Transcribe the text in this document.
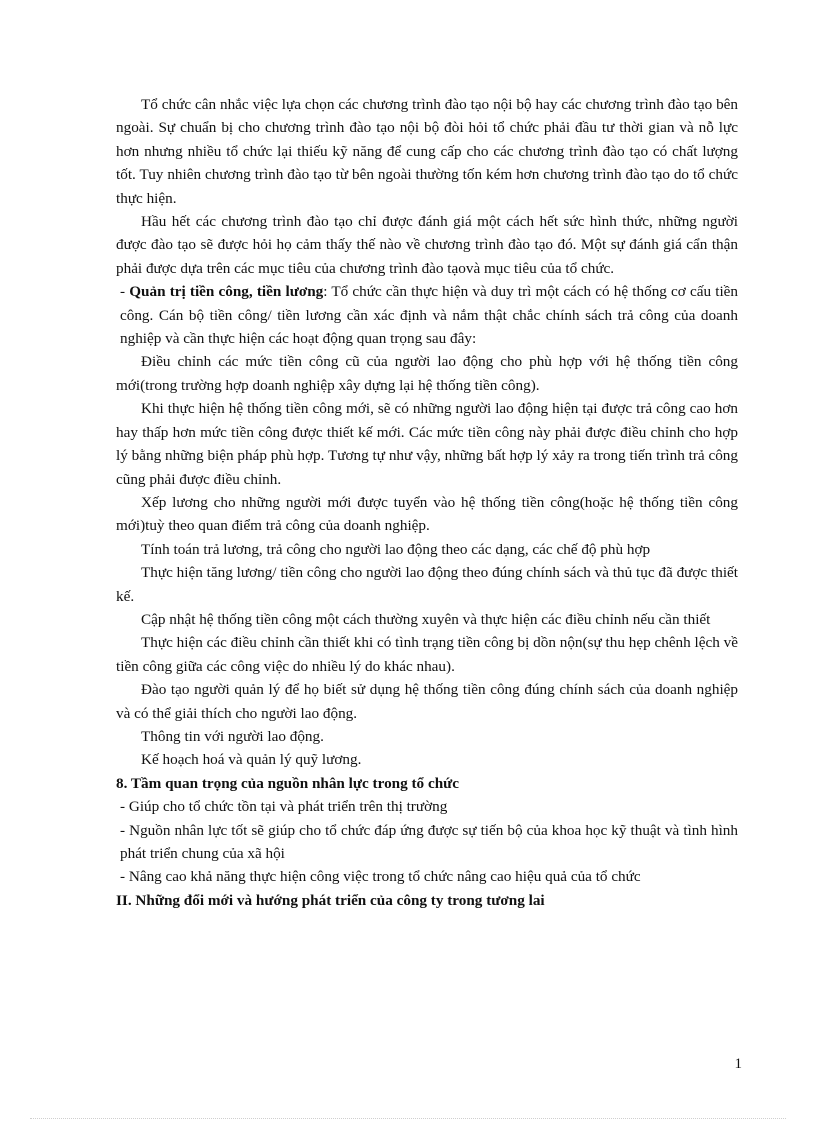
Tổ chức cân nhắc việc lựa chọn các chương trình đào tạo nội bộ hay các chương trình đào tạo bên ngoài. Sự chuẩn bị cho chương trình đào tạo nội bộ đòi hỏi tổ chức phải đầu tư thời gian và nỗ lực hơn nhưng nhiều tổ chức lại thiếu kỹ năng để cung cấp cho các chương trình đào tạo có chất lượng tốt. Tuy nhiên chương trình đào tạo từ bên ngoài thường tốn kém hơn chương trình đào tạo do tổ chức thực hiện.

Hầu hết các chương trình đào tạo chỉ được đánh giá một cách hết sức hình thức, những người được đào tạo sẽ được hỏi họ cảm thấy thế nào về chương trình đào tạo đó. Một sự đánh giá cẩn thận phải được dựa trên các mục tiêu của chương trình đào tạovà mục tiêu của tổ chức.

- Quản trị tiền công, tiền lương: Tổ chức cần thực hiện và duy trì một cách có hệ thống cơ cấu tiền công. Cán bộ tiền công/ tiền lương cần xác định và nắm thật chắc chính sách trả công của doanh nghiệp và cần thực hiện các hoạt động quan trọng sau đây:

Điều chỉnh các mức tiền công cũ của người lao động cho phù hợp với hệ thống tiền công mới(trong trường hợp doanh nghiệp xây dựng lại hệ thống tiền công).

Khi thực hiện hệ thống tiền công mới, sẽ có những người lao động hiện tại được trả công cao hơn hay thấp hơn mức tiền công được thiết kế mới. Các mức tiền công này phải được điều chỉnh cho hợp lý bằng những biện pháp phù hợp. Tương tự như vậy, những bất hợp lý xảy ra trong tiến trình trả công cũng phải được điều chỉnh.

Xếp lương cho những người mới được tuyển vào hệ thống tiền công(hoặc hệ thống tiền công mới)tuỳ theo quan điểm trả công của doanh nghiệp.

Tính toán trả lương, trả công cho người lao động theo các dạng, các chế độ phù hợp

Thực hiện tăng lương/ tiền công cho người lao động theo đúng chính sách và thủ tục đã được thiết kế.

Cập nhật hệ thống tiền công một cách thường xuyên và thực hiện các điều chỉnh nếu cần thiết

Thực hiện các điều chỉnh cần thiết khi có tình trạng tiền công bị dồn nộn(sự thu hẹp chênh lệch về tiền công giữa các công việc do nhiều lý do khác nhau).

Đào tạo người quản lý để họ biết sử dụng hệ thống tiền công đúng chính sách của doanh nghiệp và có thể giải thích cho người lao động.

Thông tin với người lao động.

Kế hoạch hoá và quản lý quỹ lương.

8. Tầm quan trọng của nguồn nhân lực trong tổ chức

- Giúp cho tổ chức tồn tại và phát triển trên thị trường

- Nguồn nhân lực tốt sẽ giúp cho tổ chức đáp ứng được sự tiến bộ của khoa học kỹ thuật và tình hình phát triển chung của xã hội

- Nâng cao khả năng thực hiện công việc trong tổ chức nâng cao hiệu quả của tổ chức

II. Những đổi mới và hướng phát triển của công ty trong tương lai

1
